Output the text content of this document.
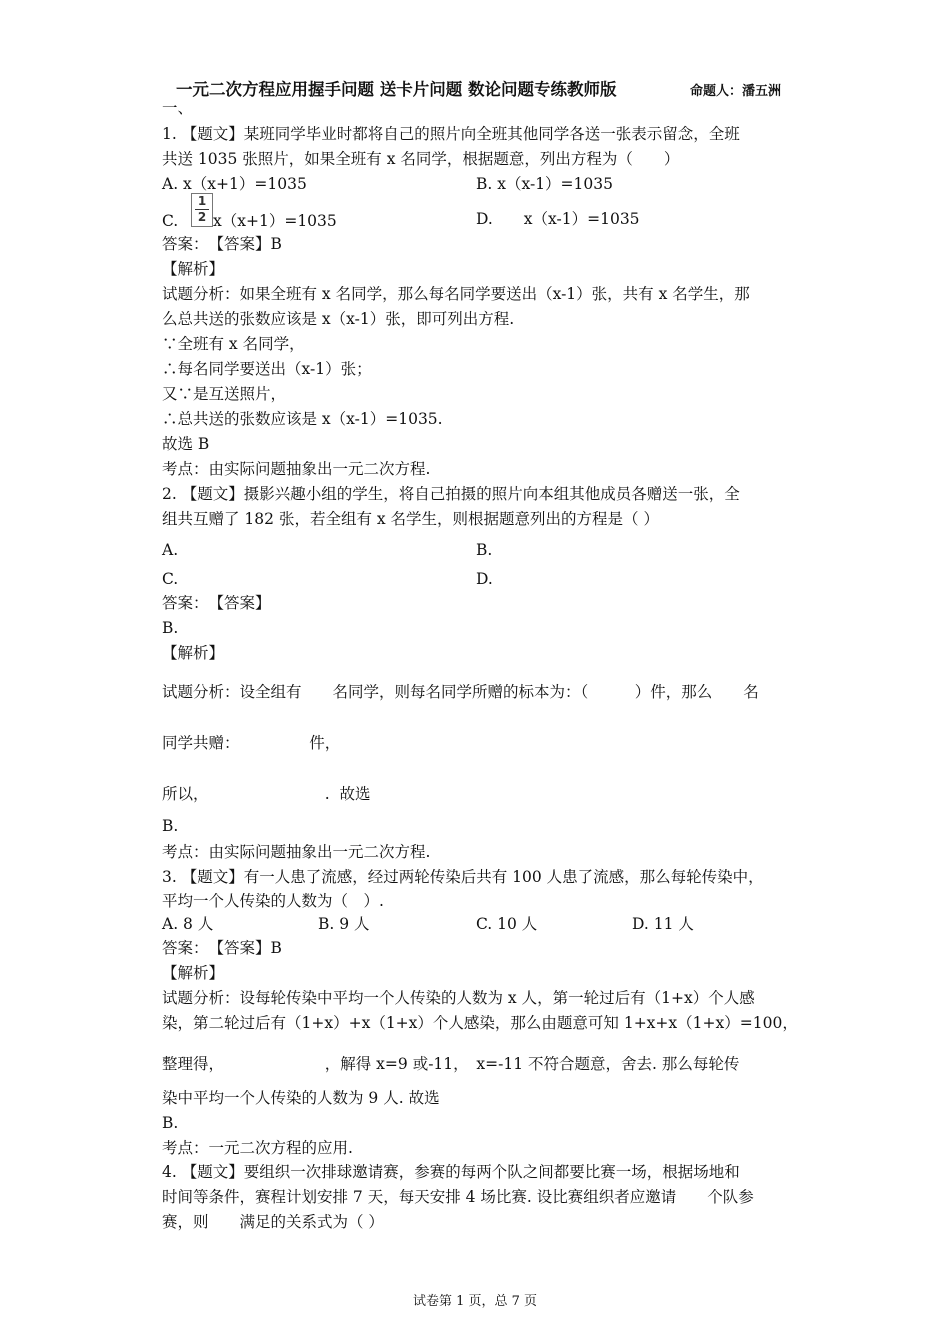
一元二次方程应用握手问题 送卡片问题 数论问题专练教师版	命题人：潘五洲
一、
1. 【题文】某班同学毕业时都将自己的照片向全班其他同学各送一张表示留念，全班
共送 1035 张照片，如果全班有 x 名同学，根据题意，列出方程为（　　）
A. x（x+1）=1035	B. x（x-1）=1035
C.
1
2 x（x+1）=1035	D.　　x（x-1）=1035
答案：　【答案】B
【解析】
试题分析：如果全班有 x 名同学，那么每名同学要送出（x-1）张，共有 x 名学生，那
么总共送的张数应该是 x（x-1）张，即可列出方程.
∵全班有 x 名同学，
∴每名同学要送出（x-1）张；
又∵是互送照片，
∴总共送的张数应该是 x（x-1）=1035.
故选 B
考点：由实际问题抽象出一元二次方程.
2. 【题文】摄影兴趣小组的学生，将自己拍摄的照片向本组其他成员各赠送一张，全
组共互赠了 182 张，若全组有 x 名学生，则根据题意列出的方程是（ ）
A.	B.
C.	D.
答案：　【答案】
B.
【解析】
试题分析：设全组有　　名同学，则每名同学所赠的标本为：（　　　）件，那么　　名
同学共赠：　　　　　件，
所以，　　　　　　　　.  故选
B.
考点：由实际问题抽象出一元二次方程.
3. 【题文】有一人患了流感，经过两轮传染后共有 100 人患了流感，那么每轮传染中，
平均一个人传染的人数为（　）.
A. 8 人	B. 9 人	C. 10 人	D. 11 人
答案：　【答案】B
【解析】
试题分析：设每轮传染中平均一个人传染的人数为 x 人，第一轮过后有（1+x）个人感
染，第二轮过后有（1+x）+x（1+x）个人感染，那么由题意可知 1+x+x（1+x）=100，
整理得，　　　　　　　，解得 x=9 或-11，　x=-11 不符合题意，舍去. 那么每轮传
染中平均一个人传染的人数为 9 人. 故选
B.
考点：一元二次方程的应用.
4. 【题文】要组织一次排球邀请赛，参赛的每两个队之间都要比赛一场，根据场地和
时间等条件，赛程计划安排 7 天，每天安排 4 场比赛. 设比赛组织者应邀请　　个队参
赛，则　　满足的关系式为（ ）
试卷第 1 页，总 7 页
